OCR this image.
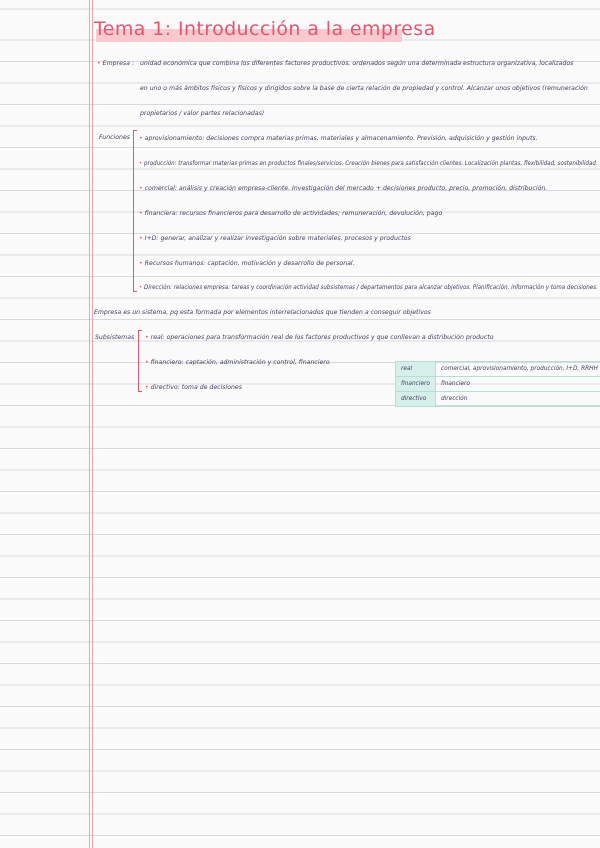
Tema 1: Introducción a la empresa
• Empresa : unidad económica que combina los diferentes factores productivos, ordenados según una determinada estructura organizativa, localizados
en uno o más ámbitos físicos y físicos y dirigidos sobre la base de cierta relación de propiedad y control. Alcanzar unos objetivos (remuneración
propietarios / valor partes relacionadas)
Funciones • aprovisionamiento: decisiones compra materias primas, materiales y almacenamiento. Previsión, adquisición y gestión inputs.
• producción: transformar materias primas en productos finales/servicios. Creación bienes para satisfacción clientes. Localización plantas, flexibilidad, sostenibilidad.
• comercial: análisis y creación empresa-cliente. Investigación del mercado + decisiones producto, precio, promoción, distribución.
• financiera: recursos financieros para desarrollo de actividades; remuneración, devolución, pago
• I+D: generar, analizar y realizar investigación sobre materiales, procesos y productos
• Recursos humanos: captación, motivación y desarrollo de personal.
• Dirección: relaciones empresa: tareas y coordinación actividad subsistemas / departamentos para alcanzar objetivos. Planificación, información y toma decisiones.
Empresa es un sistema, pq esta formada por elementos interrelacionados que tienden a conseguir objetivos
Subsistemas • real: operaciones para transformación real de los factores productivos y que conllevan a distribución producto
• financiero: captación, administración y control, financiero
• directivo: toma de decisiones
real	comercial, aprovisionamiento, producción, I+D, RRHH
financiero	financiero
directivo	dirección
